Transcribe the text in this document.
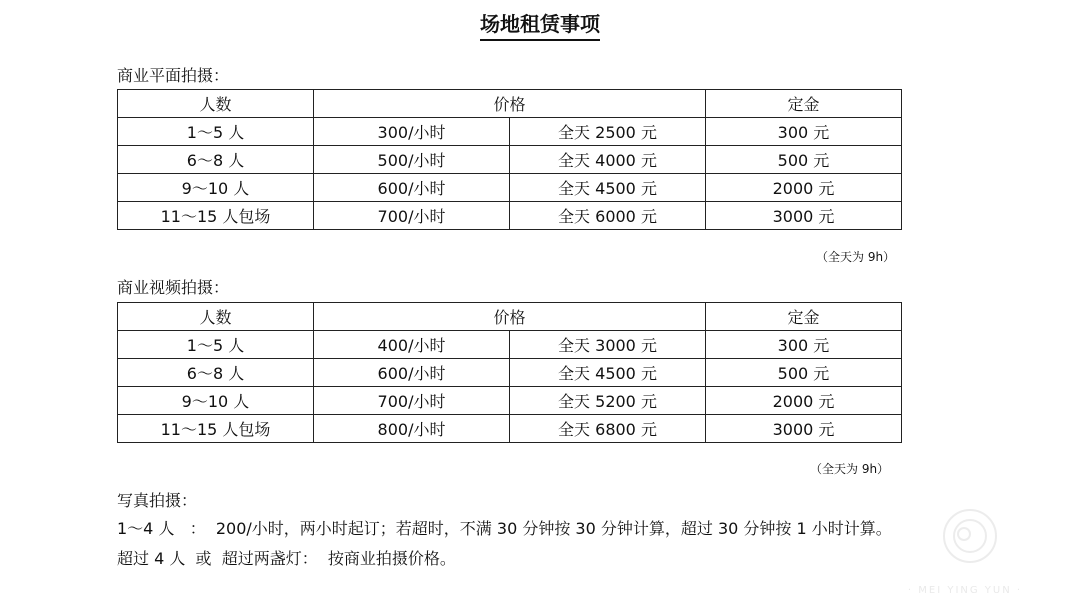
场地租赁事项
商业平面拍摄：
人数	价格		定金
1～5 人	300/小时	全天 2500 元	300 元
6～8 人	500/小时	全天 4000 元	500 元
9～10 人	600/小时	全天 4500 元	2000 元
11～15 人包场	700/小时	全天 6000 元	3000 元
（全天为 9h）
商业视频拍摄：
人数	价格		定金
1～5 人	400/小时	全天 3000 元	300 元
6～8 人	600/小时	全天 4500 元	500 元
9～10 人	700/小时	全天 5200 元	2000 元
11～15 人包场	800/小时	全天 6800 元	3000 元
（全天为 9h）
写真拍摄：
1～4 人   ：  200/小时，两小时起订；若超时，不满 30 分钟按 30 分钟计算，超过 30 分钟按 1 小时计算。
超过 4 人  或  超过两盏灯：  按商业拍摄价格。
· MEI YING YUN ·
